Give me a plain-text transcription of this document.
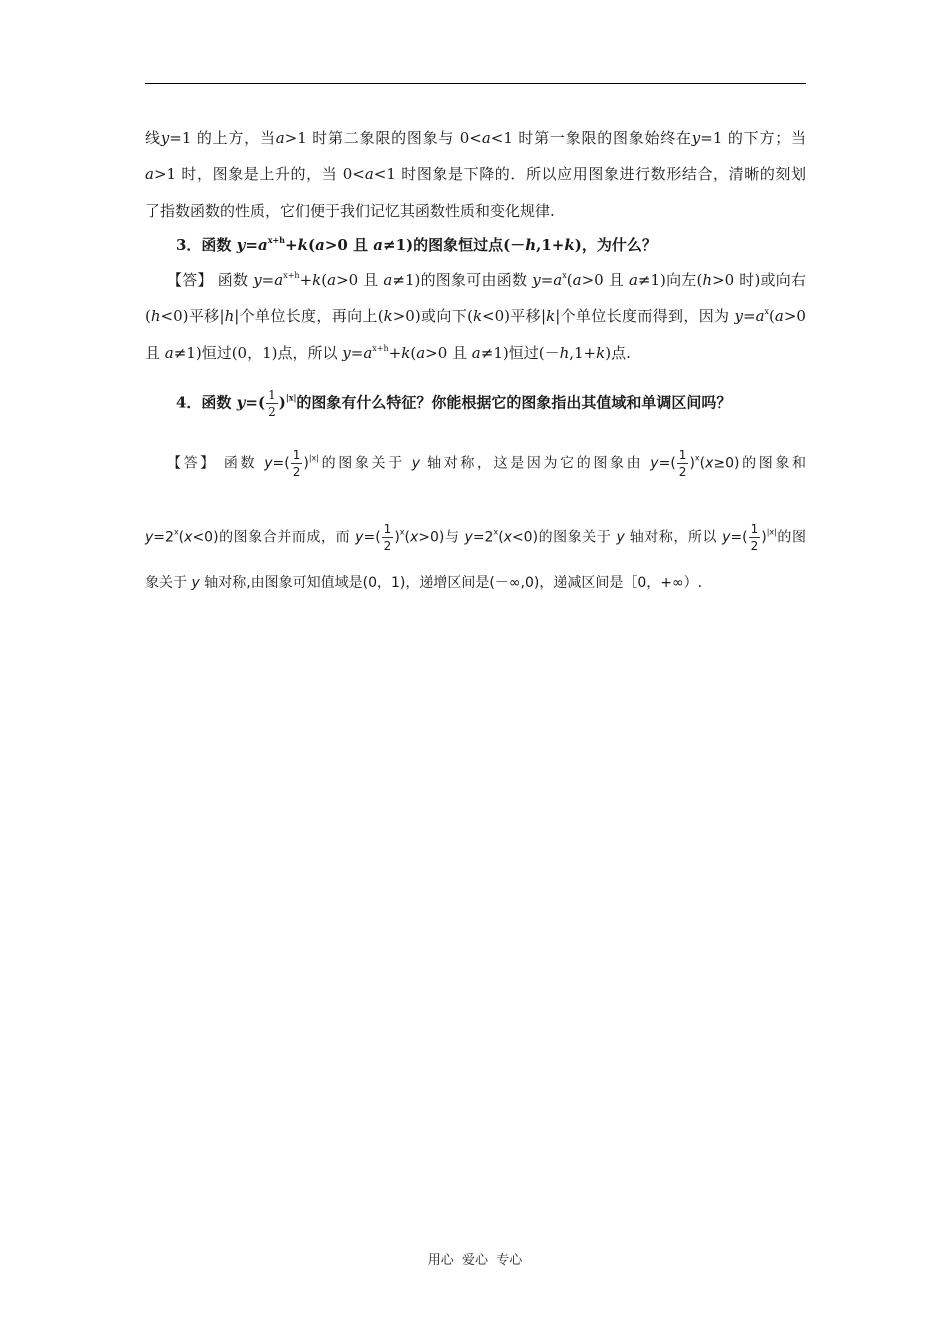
线y=1 的上方，当a>1 时第二象限的图象与 0<a<1 时第一象限的图象始终在y=1 的下方；当
a>1 时，图象是上升的，当 0<a<1 时图象是下降的．所以应用图象进行数形结合，清晰的刻划
了指数函数的性质，它们便于我们记忆其函数性质和变化规律.
3．函数 $y=a^{x+h}+k(a>0$ 且 a≠1)的图象恒过点(－h,1+k)，为什么？
【答】 函数 $y=a^{x+h}+k(a>0$ 且 a≠1)的图象可由函数 $y=a^x(a>0$ 且 a≠1)向左(h>0 时)或向右
(h<0)平移|h|个单位长度，再向上(k>0)或向下(k<0)平移|k|个单位长度而得到，因为 $y=a^x(a>0$
且 a≠1)恒过(0，1)点，所以 $y=a^{x+h}+k(a>0$ 且 a≠1)恒过(－h,1+k)点.
4．函数 $y=( \frac{1}{2} )^{|x|}$的图象有什么特征？你能根据它的图象指出其值域和单调区间吗？
【答】 函数 $y=( \frac{1}{2} )^{|x|}$的图象关于 y 轴对称，这是因为它的图象由 $y=( \frac{1}{2} )^x(x\ge 0)$的图象和
$y=2^x(x<0)$的图象合并而成，而 $y=( \frac{1}{2} )^x(x>0)$与 $y=2^x(x<0)$的图象关于 y 轴对称，所以 $y=( \frac{1}{2} )^{|x|}$的图
象关于 y 轴对称,由图象可知值域是(0，1)，递增区间是(－∞,0)，递减区间是［0，+∞）.
用心  爱心  专心
